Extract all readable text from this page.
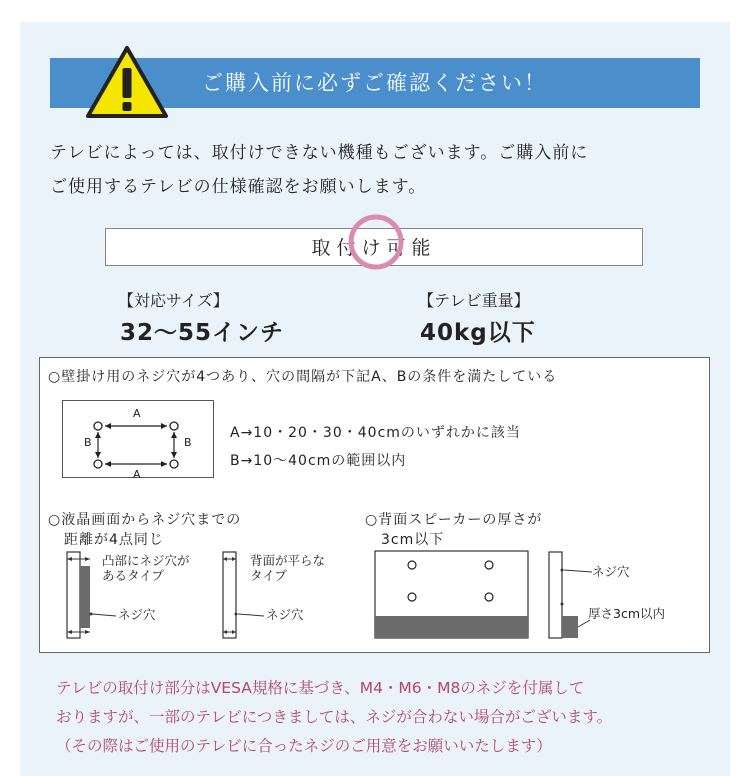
ご購入前に必ずご確認ください！
テレビによっては、取付けできない機種もございます。ご購入前に
ご使用するテレビの仕様確認をお願いします。
取付け可能
【対応サイズ】
32〜55インチ
【テレビ重量】
40kg以下
○壁掛け用のネジ穴が4つあり、穴の間隔が下記A、Bの条件を満たしている
A
A
B	B
A→10・20・30・40cmのいずれかに該当
B→10〜40cmの範囲以内
○液晶画面からネジ穴までの
距離が4点同じ
凸部にネジ穴が
あるタイプ
ネジ穴
背面が平らな
タイプ
ネジ穴
○背面スピーカーの厚さが
3cm以下
ネジ穴
厚さ3cm以内
テレビの取付け部分はVESA規格に基づき、M4・M6・M8のネジを付属して
おりますが、一部のテレビにつきましては、ネジが合わない場合がございます。
（その際はご使用のテレビに合ったネジのご用意をお願いいたします）
